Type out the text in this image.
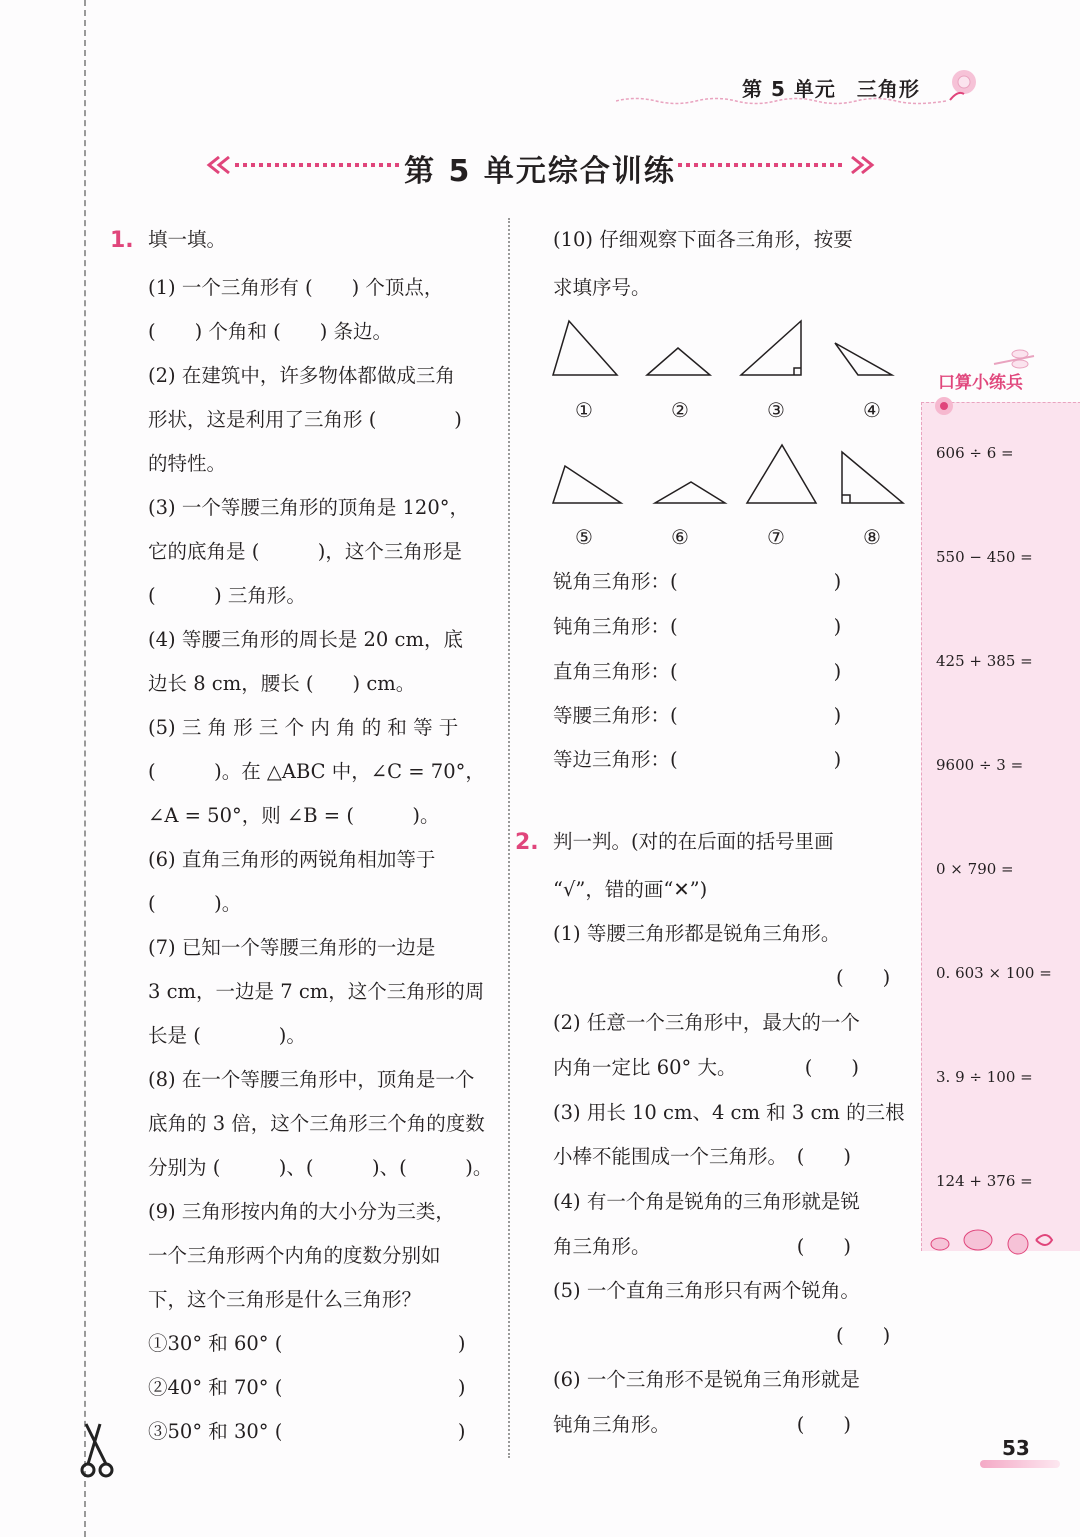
第 5 单元　三角形
第 5 单元综合训练
1. 填一填。
(1) 一个三角形有 (　　) 个顶点，
(　　) 个角和 (　　) 条边。
(2) 在建筑中，许多物体都做成三角
形状，这是利用了三角形 (　　　　)
的特性。
(3) 一个等腰三角形的顶角是 120°，
它的底角是 (　　　)，这个三角形是
(　　　) 三角形。
(4) 等腰三角形的周长是 20 cm，底
边长 8 cm，腰长 (　　) cm。
(5) 三 角 形 三 个 内 角 的 和 等 于
(　　　)。在 △ABC 中，∠C = 70°，
∠A = 50°，则 ∠B = (　　　)。
(6) 直角三角形的两锐角相加等于
(　　　)。
(7) 已知一个等腰三角形的一边是
3 cm，一边是 7 cm，这个三角形的周
长是 (　　　　)。
(8) 在一个等腰三角形中，顶角是一个
底角的 3 倍，这个三角形三个角的度数
分别为 (　　　)、(　　　)、(　　　)。
(9) 三角形按内角的大小分为三类，
一个三角形两个内角的度数分别如
下，这个三角形是什么三角形？
①30° 和 60° (　　　　　　　　　)
②40° 和 70° (　　　　　　　　　)
③50° 和 30° (　　　　　　　　　)
(10) 仔细观察下面各三角形，按要
求填序号。
①	②	③	④
⑤	⑥	⑦	⑧
锐角三角形：(　　　　　　　　)
钝角三角形：(　　　　　　　　)
直角三角形：(　　　　　　　　)
等腰三角形：(　　　　　　　　)
等边三角形：(　　　　　　　　)
2. 判一判。(对的在后面的括号里画
“√”，错的画“✕”)
(1) 等腰三角形都是锐角三角形。
(　　)
(2) 任意一个三角形中，最大的一个
内角一定比 60° 大。　　　　(　　)
(3) 用长 10 cm、4 cm 和 3 cm 的三根
小棒不能围成一个三角形。　(　　)
(4) 有一个角是锐角的三角形就是锐
角三角形。　　　　　　　　(　　)
(5) 一个直角三角形只有两个锐角。
(　　)
(6) 一个三角形不是锐角三角形就是
钝角三角形。　　　　　　　(　　)
口算小练兵
606 ÷ 6 =
550 − 450 =
425 + 385 =
9600 ÷ 3 =
0 × 790 =
0. 603 × 100 =
3. 9 ÷ 100 =
124 + 376 =
53
